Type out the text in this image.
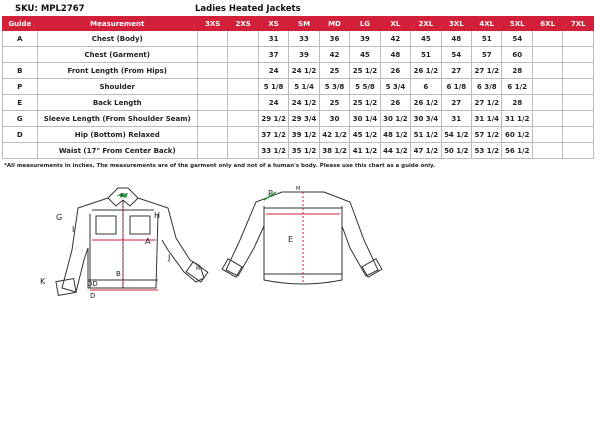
SKU: MPL2767	Ladies Heated Jackets
Guide	Measurement	3XS	2XS	XS	SM	MD	LG	XL	2XL	3XL	4XL	5XL	6XL	7XL
A	Chest (Body)			31	33	36	39	42	45	48	51	54		
	Chest (Garment)			37	39	42	45	48	51	54	57	60		
B	Front Length (From Hips)			24	24 1/2	25	25 1/2	26	26 1/2	27	27 1/2	28		
P	Shoulder			5 1/8	5 1/4	5 3/8	5 5/8	5 3/4	6	6 1/8	6 3/8	6 1/2		
E	Back Length			24	24 1/2	25	25 1/2	26	26 1/2	27	27 1/2	28		
G	Sleeve Length (From Shoulder Seam)			29 1/2	29 3/4	30	30 1/4	30 1/2	30 3/4	31	31 1/4	31 1/2		
D	Hip (Bottom) Relaxed			37 1/2	39 1/2	42 1/2	45 1/2	48 1/2	51 1/2	54 1/2	57 1/2	60 1/2		
	Waist (17" From Center Back)			33 1/2	35 1/2	38 1/2	41 1/2	44 1/2	47 1/2	50 1/2	53 1/2	56 1/2		
*All measurements in inches. The measurements are of the garment only and not of a human's body. Please use this chart as a guide only.
G
I
F
H
A
J
B
M
K	DD
D
P	M
E
